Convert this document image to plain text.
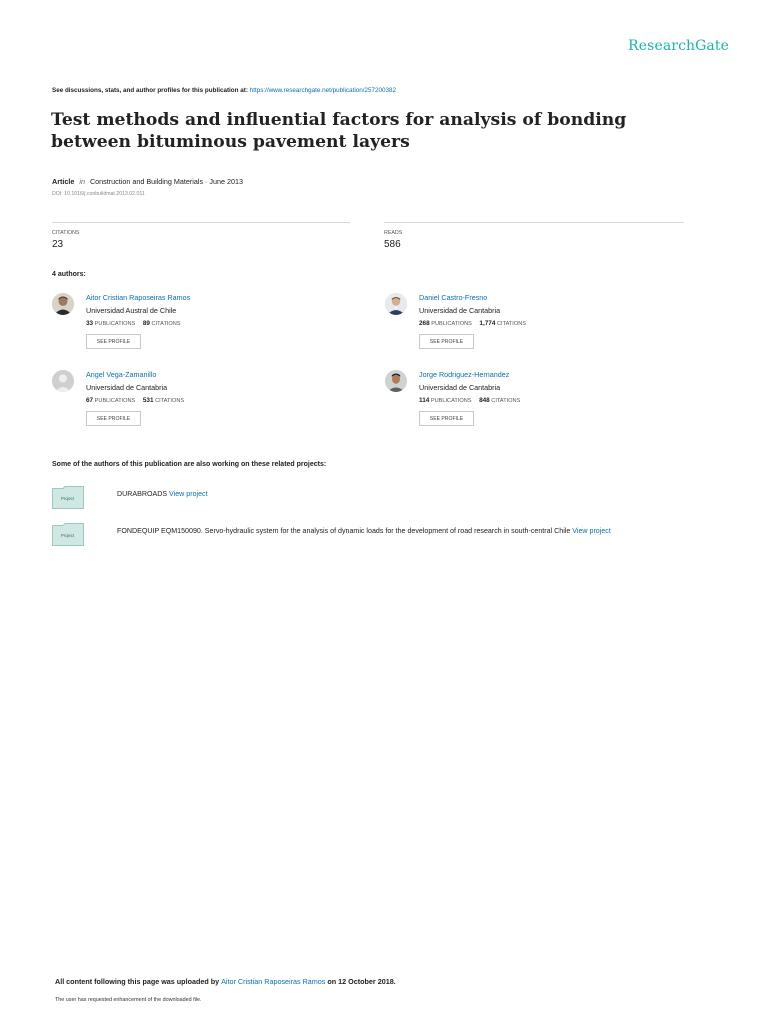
ResearchGate
See discussions, stats, and author profiles for this publication at: https://www.researchgate.net/publication/257200382
Test methods and influential factors for analysis of bonding between bituminous pavement layers
Article in Construction and Building Materials · June 2013
DOI: 10.1016/j.conbuildmat.2013.02.011
CITATIONS
23
READS
586
4 authors:
Aitor Cristian Raposeiras Ramos
Universidad Austral de Chile
33 PUBLICATIONS 89 CITATIONS
SEE PROFILE
Daniel Castro-Fresno
Universidad de Cantabria
268 PUBLICATIONS 1,774 CITATIONS
SEE PROFILE
Angel Vega-Zamanillo
Universidad de Cantabria
67 PUBLICATIONS 531 CITATIONS
SEE PROFILE
Jorge Rodriguez-Hernandez
Universidad de Cantabria
114 PUBLICATIONS 848 CITATIONS
SEE PROFILE
Some of the authors of this publication are also working on these related projects:
Project
DURABROADS View project
Project
FONDEQUIP EQM150090. Servo-hydraulic system for the analysis of dynamic loads for the development of road research in south-central Chile View project
All content following this page was uploaded by Aitor Cristian Raposeiras Ramos on 12 October 2018.
The user has requested enhancement of the downloaded file.
